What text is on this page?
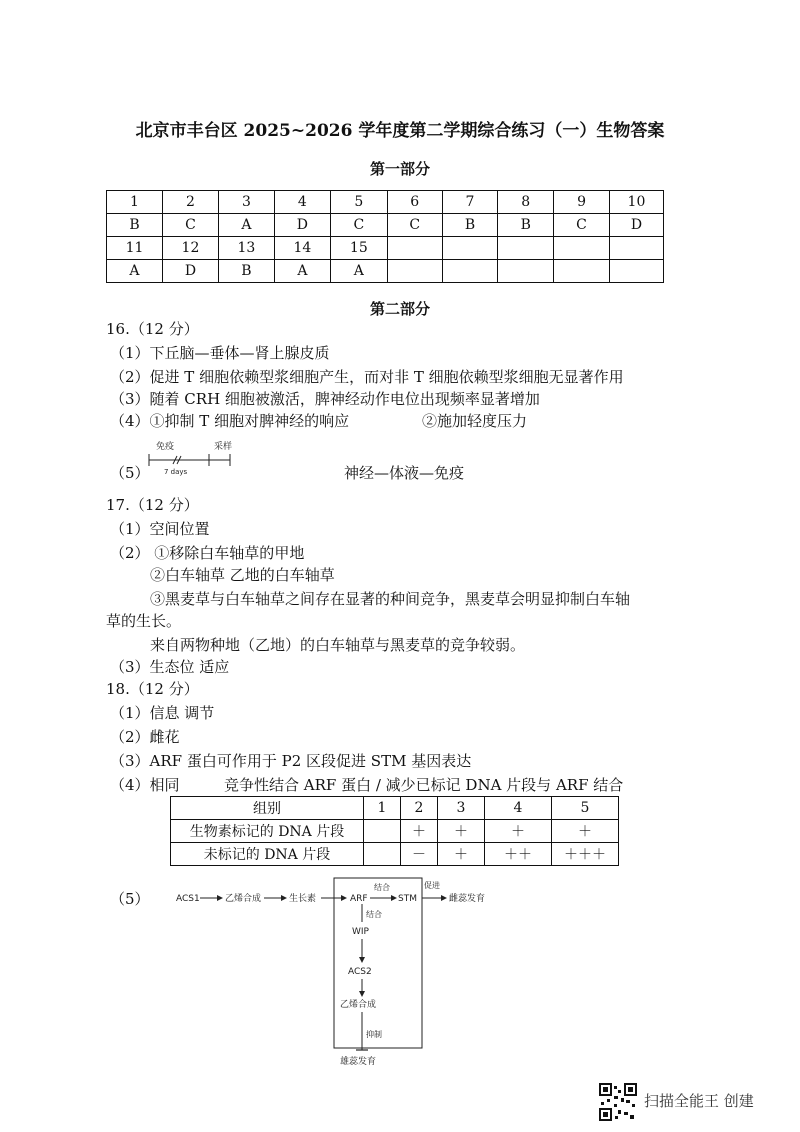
北京市丰台区 2025~2026 学年度第二学期综合练习（一）生物答案
第一部分
1	2	3	4	5	6	7	8	9	10
B	C	A	D	C	C	B	B	C	D
11	12	13	14	15					
A	D	B	A	A					
第二部分
16.（12 分）
（1）下丘脑—垂体—肾上腺皮质
（2）促进 T 细胞依赖型浆细胞产生，而对非 T 细胞依赖型浆细胞无显著作用
（3）随着 CRH 细胞被激活，脾神经动作电位出现频率显著增加
（4）①抑制 T 细胞对脾神经的响应	②施加轻度压力
（5）
免疫	采样
7 days	神经—体液—免疫
17.（12 分）
（1）空间位置
（2） ①移除白车轴草的甲地
②白车轴草 乙地的白车轴草
③黑麦草与白车轴草之间存在显著的种间竞争，黑麦草会明显抑制白车轴
草的生长。
来自两物种地（乙地）的白车轴草与黑麦草的竞争较弱。
（3）生态位 适应
18.（12 分）
（1）信息 调节
（2）雌花
（3）ARF 蛋白可作用于 P2 区段促进 STM 基因表达
（4）相同	竞争性结合 ARF 蛋白 / 减少已标记 DNA 片段与 ARF 结合
组别	1	2	3	4	5
生物素标记的 DNA 片段		＋	＋	＋	＋
未标记的 DNA 片段		－	＋	＋＋	＋＋＋
（5）	ACS1	乙烯合成	生长素	ARF
结合
STM
促进
雌蕊发育
结合
WIP
ACS2
乙烯合成
抑制
雄蕊发育
扫描全能王 创建
